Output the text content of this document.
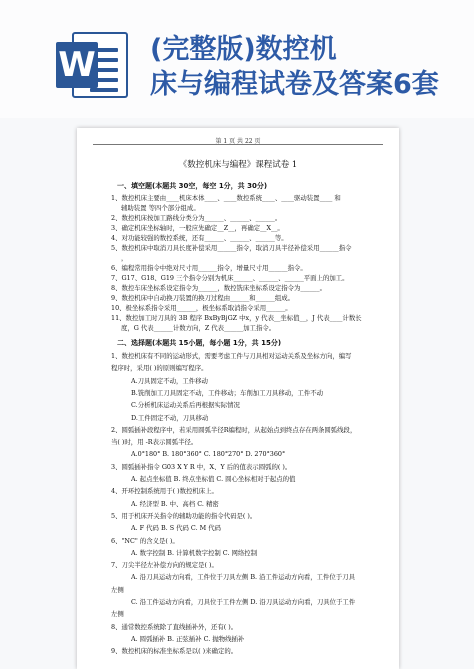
W (完整版)数控机
床与编程试卷及答案6套
第 1 页 共 22 页
《数控机床与编程》课程试卷 1
一、填空题(本题共 30空，每空 1分，共 30分)
1、数控机床主要由____机床本体____、____数控系统____、____驱动装置____ 和
辅助装置 等四个部分组成。
2、数控机床按加工路线分类分为______、______、______。
3、确定机床坐标轴时，一般应先确定__Z__，再确定__X__。
4、对功能较强的数控系统，还有______、______、______等。
5、数控机床中取消刀具长度补偿采用______指令，取消刀具半径补偿采用______指令
，
6、编程常用指令中绝对尺寸用______指令，增量尺寸用______指令。
7、G17、G18、G19 三个指令分别为机床______、______、______平面上的加工。
8、数控车床坐标系设定指令为______，数控铣床坐标系设定指令为______。
9、数控机床中自动换刀装置的换刀过程由______和______组成。
10、极坐标系指令采用______，极坐标系取消指令采用______。
11、数控加工时刀具的 3B 程序 BxByBjGZ 中x，y 代表__坐标值__，J 代表____计数长
度，G 代表______计数方向，Z 代表______加工指令。
二、选择题(本题共 15小题，每小题 1分，共 15分)
1、数控机床有不同的运动形式，需要考虑工件与刀具相对运动关系及坐标方向，编写
程序时，采用( )的原则编写程序。
A.刀具固定不动，工件移动
B.铣削加工刀具固定不动，工件移动；车削加工刀具移动，工件不动
C.分析机床运动关系后再根据实际情况
D.工件固定不动，刀具移动
2、圆弧插补段程序中，若采用圆弧半径R编程时，从起始点到终点存在两条圆弧线段，
当( )时，用 -R表示圆弧半径。
A.0°180° B. 180°360° C. 180°270° D. 270°360°
3、圆弧插补指令 G03 X Y R 中，X、Y 后的值表示圆弧的( )。
A. 起点坐标值 B. 终点坐标值 C. 圆心坐标相对于起点的值
4、开环控制系统用于( )数控机床上。
A. 经济型 B. 中、高档 C. 精密
5、用于机床开关指令的辅助功能的指令代码是( )。
A. F 代码 B. S 代码 C. M 代码
6、"NC" 的含义是( )。
A. 数字控制 B. 计算机数字控制 C. 网络控制
7、刀尖半径左补偿方向的规定是( )。
A. 沿刀具运动方向看，工件位于刀具左侧 B. 沿工件运动方向看，工件位于刀具
左侧
C. 沿工件运动方向看，刀具位于工件左侧 D. 沿刀具运动方向看，刀具位于工件
左侧
8、通常数控系统除了直线插补外，还有( )。
A. 圆弧插补 B. 正弦插补 C. 抛物线插补
9、数控机床的标准坐标系是以( )来确定的。
